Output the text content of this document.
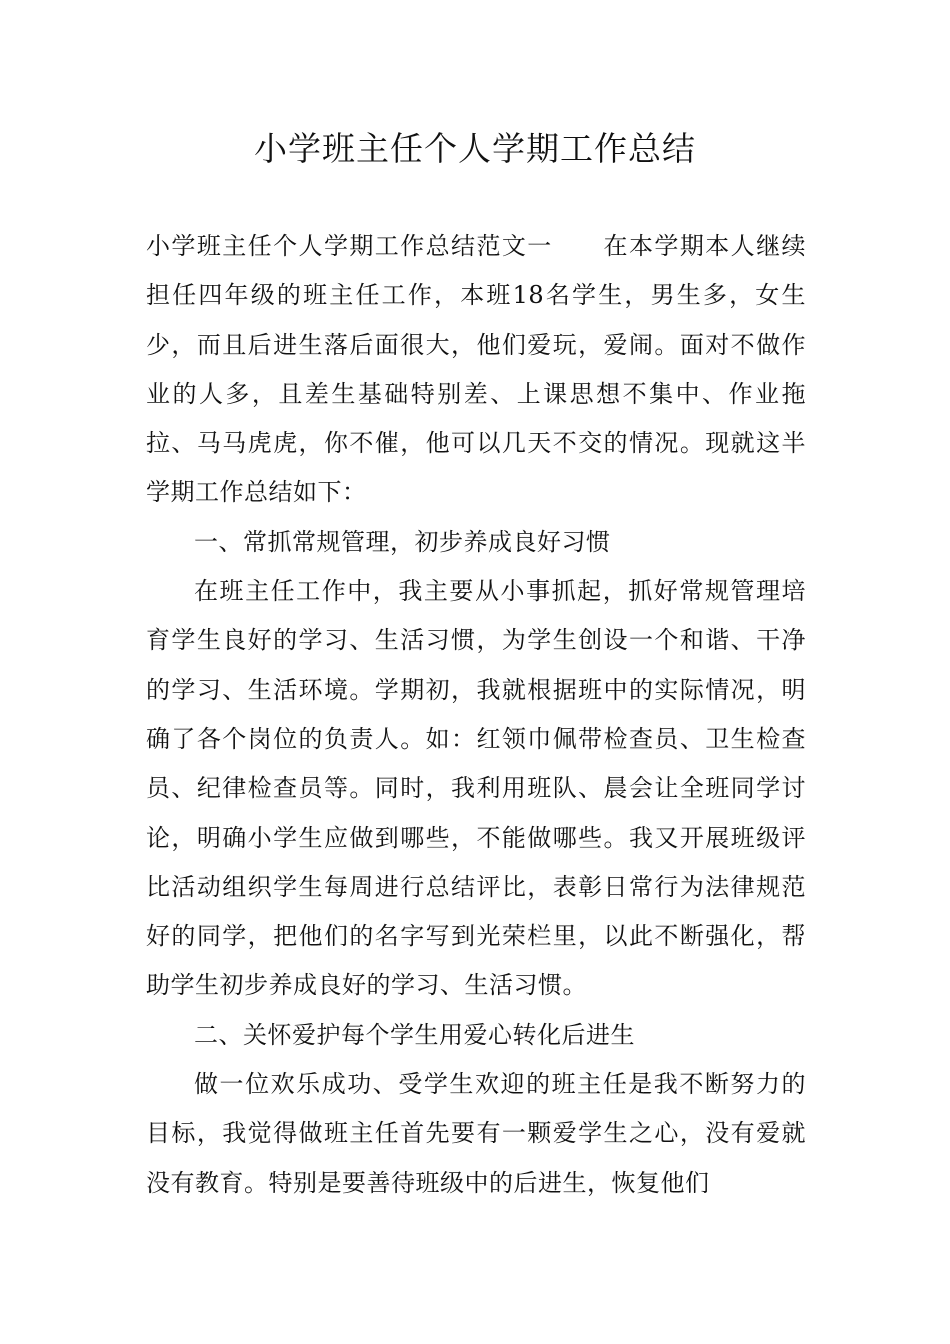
小学班主任个人学期工作总结

小学班主任个人学期工作总结范文一　　在本学期本人继续担任四年级的班主任工作，本班18名学生，男生多，女生少，而且后进生落后面很大，他们爱玩，爱闹。面对不做作业的人多，且差生基础特别差、上课思想不集中、作业拖拉、马马虎虎，你不催，他可以几天不交的情况。现就这半学期工作总结如下：

一、常抓常规管理，初步养成良好习惯

在班主任工作中，我主要从小事抓起，抓好常规管理培育学生良好的学习、生活习惯，为学生创设一个和谐、干净的学习、生活环境。学期初，我就根据班中的实际情况，明确了各个岗位的负责人。如：红领巾佩带检查员、卫生检查员、纪律检查员等。同时，我利用班队、晨会让全班同学讨论，明确小学生应做到哪些，不能做哪些。我又开展班级评比活动组织学生每周进行总结评比，表彰日常行为法律规范好的同学，把他们的名字写到光荣栏里，以此不断强化，帮助学生初步养成良好的学习、生活习惯。

二、关怀爱护每个学生用爱心转化后进生

做一位欢乐成功、受学生欢迎的班主任是我不断努力的目标，我觉得做班主任首先要有一颗爱学生之心，没有爱就没有教育。特别是要善待班级中的后进生，恢复他们
